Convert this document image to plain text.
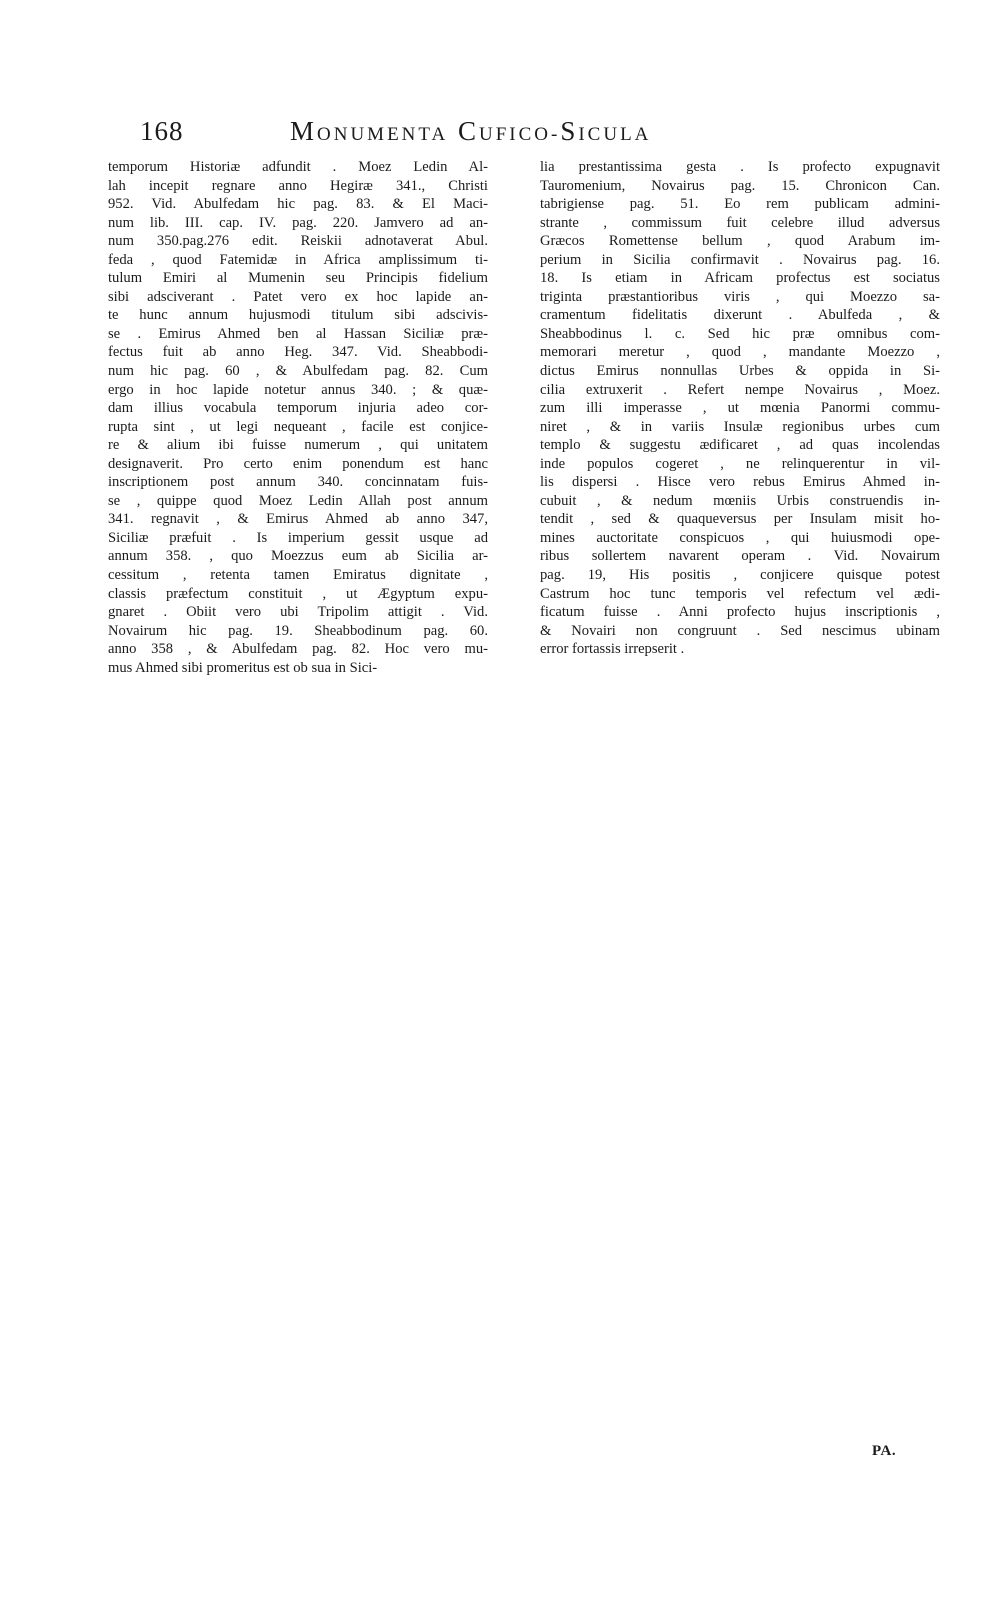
168	MONUMENTA CUFICO-SICULA
temporum Historiæ adfundit . Moez Ledin Al-
lah incepit regnare anno Hegiræ 341., Christi
952. Vid. Abulfedam hic pag. 83. & El Maci-
num lib. III. cap. IV. pag. 220. Jamvero ad an-
num 350.pag.276 edit. Reiskii adnotaverat Abul.
feda , quod Fatemidæ in Africa amplissimum ti-
tulum Emiri al Mumenin seu Principis fidelium
sibi adsciverant . Patet vero ex hoc lapide an-
te hunc annum hujusmodi titulum sibi adscivis-
se . Emirus Ahmed ben al Hassan Siciliæ præ-
fectus fuit ab anno Heg. 347. Vid. Sheabbodi-
num hic pag. 60 , & Abulfedam pag. 82. Cum
ergo in hoc lapide notetur annus 340. ; & quæ-
dam illius vocabula temporum injuria adeo cor-
rupta sint , ut legi nequeant , facile est conjice-
re & alium ibi fuisse numerum , qui unitatem
designaverit. Pro certo enim ponendum est hanc
inscriptionem post annum 340. concinnatam fuis-
se , quippe quod Moez Ledin Allah post annum
341. regnavit , & Emirus Ahmed ab anno 347,
Siciliæ præfuit . Is imperium gessit usque ad
annum 358. , quo Moezzus eum ab Sicilia ar-
cessitum , retenta tamen Emiratus dignitate ,
classis præfectum constituit , ut Ægyptum expu-
gnaret . Obiit vero ubi Tripolim attigit . Vid.
Novairum hic pag. 19. Sheabbodinum pag. 60.
anno 358 , & Abulfedam pag. 82. Hoc vero mu-
mus Ahmed sibi promeritus est ob sua in Sici-
lia prestantissima gesta . Is profecto expugnavit
Tauromenium, Novairus pag. 15. Chronicon Can.
tabrigiense pag. 51. Eo rem publicam admini-
strante , commissum fuit celebre illud adversus
Græcos Romettense bellum , quod Arabum im-
perium in Sicilia confirmavit . Novairus pag. 16.
18. Is etiam in Africam profectus est sociatus
triginta præstantioribus viris , qui Moezzo sa-
cramentum fidelitatis dixerunt . Abulfeda , &
Sheabbodinus l. c. Sed hic præ omnibus com-
memorari meretur , quod , mandante Moezzo ,
dictus Emirus nonnullas Urbes & oppida in Si-
cilia extruxerit . Refert nempe Novairus , Moez.
zum illi imperasse , ut mœnia Panormi commu-
niret , & in variis Insulæ regionibus urbes cum
templo & suggestu ædificaret , ad quas incolendas
inde populos cogeret , ne relinquerentur in vil-
lis dispersi . Hisce vero rebus Emirus Ahmed in-
cubuit , & nedum mœniis Urbis construendis in-
tendit , sed & quaqueversus per Insulam misit ho-
mines auctoritate conspicuos , qui huiusmodi ope-
ribus sollertem navarent operam . Vid. Novairum
pag. 19, His positis , conjicere quisque potest
Castrum hoc tunc temporis vel refectum vel ædi-
ficatum fuisse . Anni profecto hujus inscriptionis ,
& Novairi non congruunt . Sed nescimus ubinam
error fortassis irrepserit .
PA.
